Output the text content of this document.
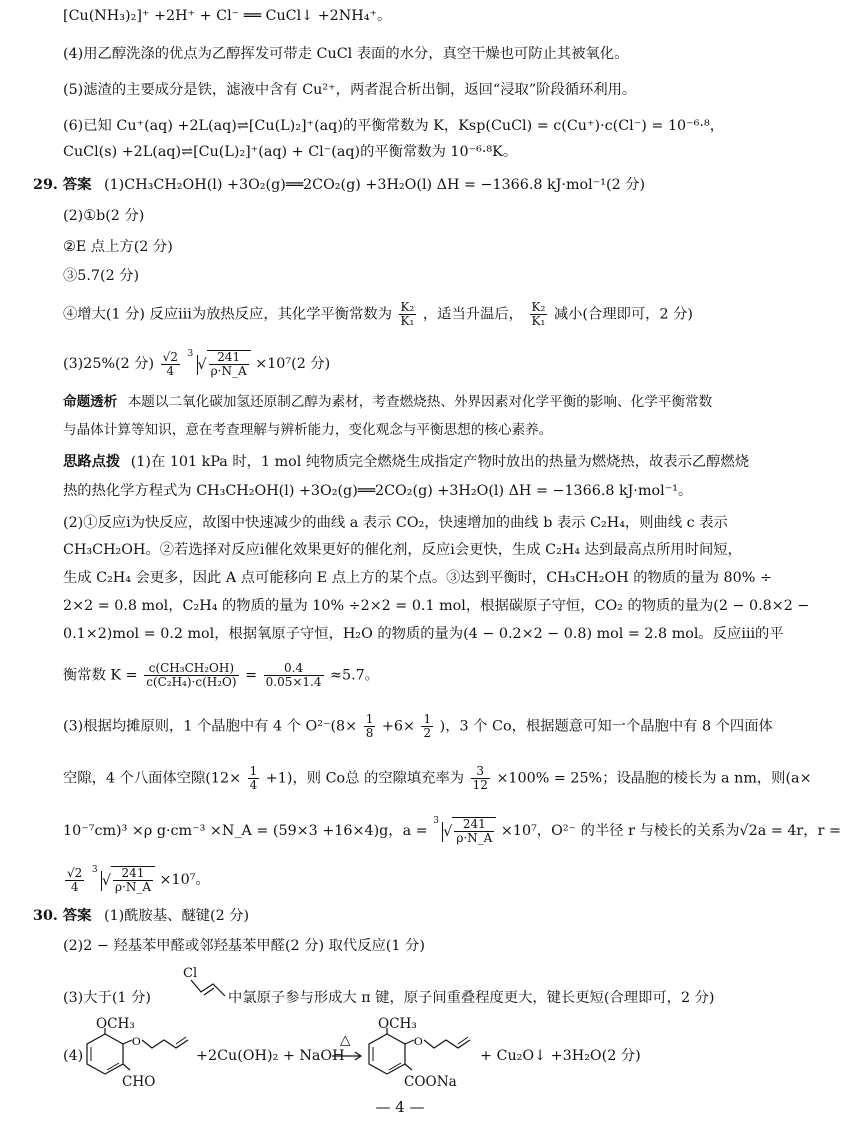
[Cu(NH₃)₂]⁺ +2H⁺ + Cl⁻ ══ CuCl↓ +2NH₄⁺。
(4)用乙醇洗涤的优点为乙醇挥发可带走 CuCl 表面的水分，真空干燥也可防止其被氧化。
(5)滤渣的主要成分是铁，滤液中含有 Cu²⁺，两者混合析出铜，返回“浸取”阶段循环利用。
(6)已知 Cu⁺(aq) +2L(aq)⇌[Cu(L)₂]⁺(aq)的平衡常数为 K，Ksp(CuCl) = c(Cu⁺)·c(Cl⁻) = 10⁻⁶·⁸，
CuCl(s) +2L(aq)⇌[Cu(L)₂]⁺(aq) + Cl⁻(aq)的平衡常数为 10⁻⁶·⁸K。
29. 答案 (1)CH₃CH₂OH(l) +3O₂(g)══2CO₂(g) +3H₂O(l) ΔH = −1366.8 kJ·mol⁻¹(2 分)
(2)①b(2 分)
②E 点上方(2 分)
③5.7(2 分)
④增大(1 分) 反应ⅲ为放热反应，其化学平衡常数为 $\frac{\text{K₂}}{\text{K₁}}$ ，适当升温后， $\frac{\text{K₂}}{\text{K₁}}$ 减小(合理即可，2 分)
(3)25%(2 分) $\frac{√2}{4}$
3
√ $\frac{241}{\rho\cdot N\_A} \times 10^7(2$ 分)
命题透析 本题以二氧化碳加氢还原制乙醇为素材，考查燃烧热、外界因素对化学平衡的影响、化学平衡常数
与晶体计算等知识，意在考查理解与辨析能力，变化观念与平衡思想的核心素养。
思路点拨 (1)在 101 kPa 时，1 mol 纯物质完全燃烧生成指定产物时放出的热量为燃烧热，故表示乙醇燃烧
热的热化学方程式为 CH₃CH₂OH(l) +3O₂(g)══2CO₂(g) +3H₂O(l) ΔH = −1366.8 kJ·mol⁻¹。
(2)①反应ⅰ为快反应，故图中快速减少的曲线 a 表示 CO₂，快速增加的曲线 b 表示 C₂H₄，则曲线 c 表示
CH₃CH₂OH。②若选择对反应ⅰ催化效果更好的催化剂，反应ⅰ会更快，生成 C₂H₄ 达到最高点所用时间短，
生成 C₂H₄ 会更多，因此 A 点可能移向 E 点上方的某个点。③达到平衡时，CH₃CH₂OH 的物质的量为 80% ÷
2×2 = 0.8 mol，C₂H₄ 的物质的量为 10% ÷2×2 = 0.1 mol，根据碳原子守恒，CO₂ 的物质的量为(2 − 0.8×2 −
0.1×2)mol = 0.2 mol，根据氧原子守恒，H₂O 的物质的量为(4 − 0.2×2 − 0.8) mol = 2.8 mol。反应ⅲ的平
衡常数 $K = \frac{\text{c(CH₃CH₂OH)}}{\text{c(C₂H₄)·c(H₂O)}} = \frac{0.4}{0.05\times 1.4} \approx 5.7$。
(3)根据均摊原则，1 个晶胞中有 4 个 $O^{2-}(8\times \frac{1}{8} +6\times \frac{1}{2}$ )，3 个 Co，根据题意可知一个晶胞中有 8 个四面体
空隙，4 个八面体空隙$(12\times \frac{1}{4} +1)$，则 Co总 的空隙填充率为 $\frac{3}{12} \times 100\% = 25\%$；设晶胞的棱长为 a nm，则(a×
10⁻⁷cm)³ ×ρ g·cm⁻³ ×N_A = (59×3 +16×4)g，a =
3
√ $\frac{241}{\rho\cdot N\_A} \times 10^7$，O²⁻ 的半径 r 与棱长的关系为√2a = 4r，r =
$\frac{√2}{4}$
3
√ $\frac{241}{\rho\cdot N\_A} \times 10^7$。
30. 答案 (1)酰胺基、醚键(2 分)
(2)2 − 羟基苯甲醛或邻羟基苯甲醛(2 分) 取代反应(1 分)
(3)大于(1 分)
Cl
中氯原子参与形成大 π 键，原子间重叠程度更大，键长更短(合理即可，2 分)
(4)
OCH₃
CHO
O
+2Cu(OH)₂ + NaOH
△
OCH₃
COONa
O
+ Cu₂O↓ +3H₂O(2 分)
— 4 —
